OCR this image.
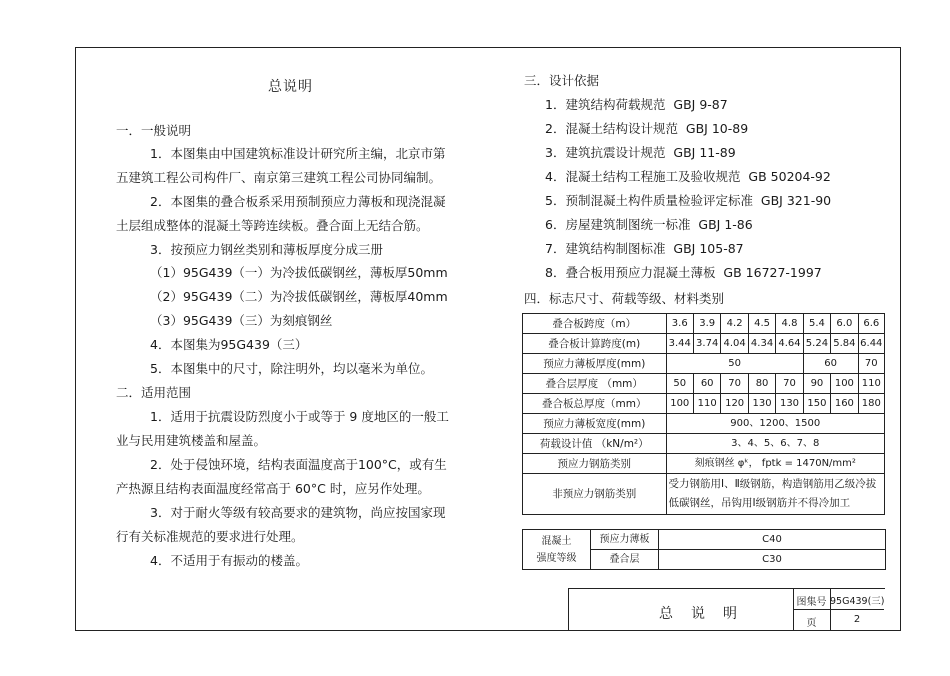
总说明
一．一般说明
1．本图集由中国建筑标准设计研究所主编，北京市第
五建筑工程公司构件厂、南京第三建筑工程公司协同编制。
2．本图集的叠合板系采用预制预应力薄板和现浇混凝
土层组成整体的混凝土等跨连续板。叠合面上无结合筋。
3．按预应力钢丝类别和薄板厚度分成三册
（1）95G439（一）为冷拔低碳钢丝，薄板厚50mm
（2）95G439（二）为冷拔低碳钢丝，薄板厚40mm
（3）95G439（三）为刻痕钢丝
4．本图集为95G439（三）
5．本图集中的尺寸，除注明外，均以毫米为单位。
二．适用范围
1．适用于抗震设防烈度小于或等于 9 度地区的一般工
业与民用建筑楼盖和屋盖。
2．处于侵蚀环境，结构表面温度高于100°C，或有生
产热源且结构表面温度经常高于 60°C 时，应另作处理。
3．对于耐火等级有较高要求的建筑物，尚应按国家现
行有关标准规范的要求进行处理。
4．不适用于有振动的楼盖。
三．设计依据
1．建筑结构荷载规范 GBJ 9-87
2．混凝土结构设计规范 GBJ 10-89
3．建筑抗震设计规范 GBJ 11-89
4．混凝土结构工程施工及验收规范 GB 50204-92
5．预制混凝土构件质量检验评定标准 GBJ 321-90
6．房屋建筑制图统一标准 GBJ 1-86
7．建筑结构制图标准 GBJ 105-87
8．叠合板用预应力混凝土薄板 GB 16727-1997
四．标志尺寸、荷载等级、材料类别
叠合板跨度（m）	3.6	3.9	4.2	4.5	4.8	5.4	6.0	6.6
叠合板计算跨度(m)	3.44	3.74	4.04	4.34	4.64	5.24	5.84	6.44
预应力薄板厚度(mm)	50					60		70
叠合层厚度 （mm）	50	60	70	80	70	90	100	110
叠合板总厚度（mm）	100	110	120	130	130	150	160	180
预应力薄板宽度(mm)	900、1200、1500							
荷载设计值 （kN/m²）	3、4、5、6、7、8							
预应力钢筋类别	刻痕钢丝 φᵏ， fptk = 1470N/mm²							
非预应力钢筋类别	受力钢筋用Ⅰ、Ⅱ级钢筋，构造钢筋用乙级冷拔低碳钢丝，吊钩用Ⅰ级钢筋并不得冷加工							
混凝土
强度等级	预应力薄板	C40
	叠合层	C30
总　说　明
图集号 95G439(三)
页	2
